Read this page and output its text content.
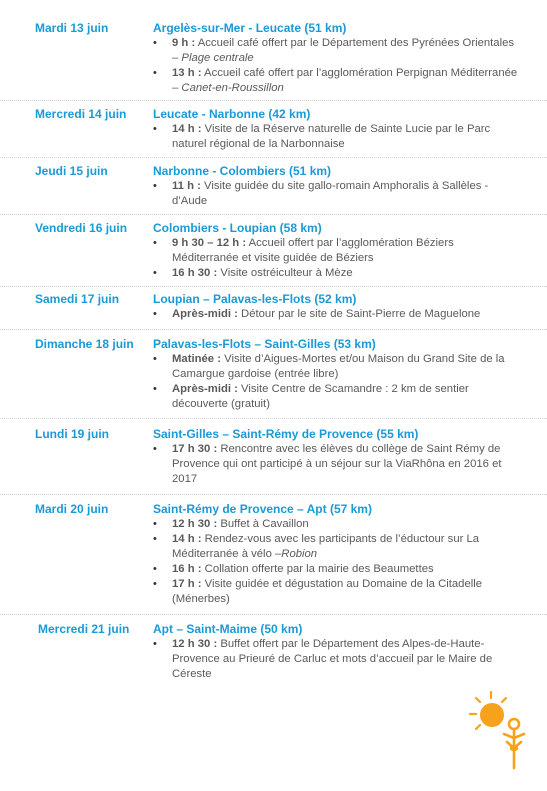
Mardi 13 juin	Argelès-sur-Mer - Leucate (51 km)
• 9 h : Accueil café offert par le Département des Pyrénées Orientales – Plage centrale
• 13 h : Accueil café offert par l’agglomération Perpignan Méditerranée – Canet-en-Roussillon
Mercredi 14 juin	Leucate - Narbonne (42 km)
• 14 h : Visite de la Réserve naturelle de Sainte Lucie par le Parc naturel régional de la Narbonnaise
Jeudi 15 juin	Narbonne - Colombiers (51 km)
• 11 h : Visite guidée du site gallo-romain Amphoralis à Sallèles -d’Aude
Vendredi 16 juin	Colombiers - Loupian (58 km)
• 9 h 30 – 12 h : Accueil offert par l’agglomération Béziers Méditerranée et visite guidée de Béziers
• 16 h 30 : Visite ostréiculteur à Mèze
Samedi 17 juin	Loupian – Palavas-les-Flots (52 km)
• Après-midi : Détour par le site de Saint-Pierre de Maguelone
Dimanche 18 juin	Palavas-les-Flots – Saint-Gilles (53 km)
• Matinée : Visite d’Aigues-Mortes et/ou Maison du Grand Site de la Camargue gardoise (entrée libre)
• Après-midi : Visite Centre de Scamandre : 2 km de sentier découverte (gratuit)
Lundi 19 juin	Saint-Gilles – Saint-Rémy de Provence (55 km)
• 17 h 30 : Rencontre avec les élèves du collège de Saint Rémy de Provence qui ont participé à un séjour sur la ViaRhôna en 2016 et 2017
Mardi 20 juin	Saint-Rémy de Provence – Apt (57 km)
• 12 h 30 : Buffet à Cavaillon
• 14 h : Rendez-vous avec les participants de l’éductour sur La Méditerranée à vélo –Robion
• 16 h : Collation offerte par la mairie des Beaumettes
• 17 h : Visite guidée et dégustation au Domaine de la Citadelle (Ménerbes)
Mercredi 21 juin	Apt – Saint-Maime (50 km)
• 12 h 30 : Buffet offert par le Département des Alpes-de-Haute-Provence au Prieuré de Carluc et mots d’accueil par le Maire de Céreste
